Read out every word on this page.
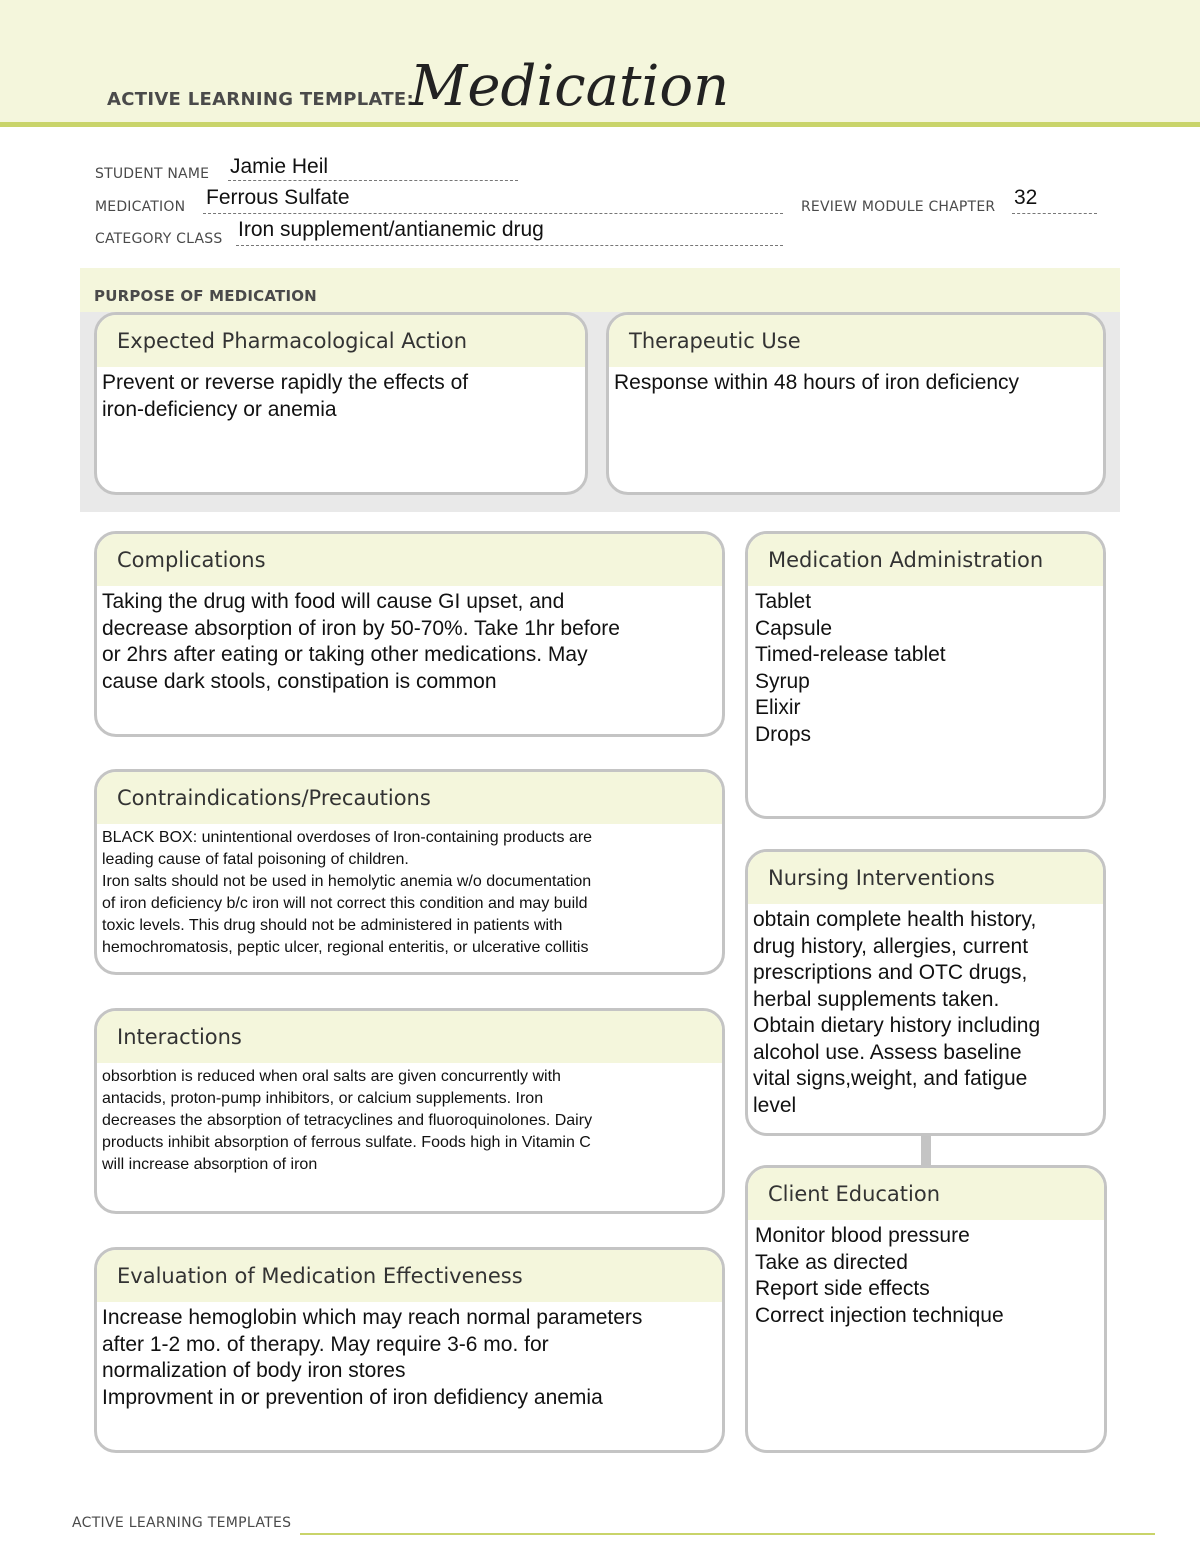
ACTIVE LEARNING TEMPLATE:
Medication
STUDENT NAME Jamie Heil
MEDICATION Ferrous Sulfate	REVIEW MODULE CHAPTER 32
CATEGORY CLASS Iron supplement/antianemic drug
PURPOSE OF MEDICATION
Expected Pharmacological Action
Prevent or reverse rapidly the effects of
iron-deficiency or anemia
Therapeutic Use
Response within 48 hours of iron deficiency
Complications
Taking the drug with food will cause GI upset, and
decrease absorption of iron by 50-70%. Take 1hr before
or 2hrs after eating or taking other medications. May
cause dark stools, constipation is common
Contraindications/Precautions
BLACK BOX: unintentional overdoses of Iron-containing products are
leading cause of fatal poisoning of children.
Iron salts should not be used in hemolytic anemia w/o documentation
of iron deficiency b/c iron will not correct this condition and may build
toxic levels. This drug should not be administered in patients with
hemochromatosis, peptic ulcer, regional enteritis, or ulcerative collitis
Interactions
obsorbtion is reduced when oral salts are given concurrently with
antacids, proton-pump inhibitors, or calcium supplements. Iron
decreases the absorption of tetracyclines and fluoroquinolones. Dairy
products inhibit absorption of ferrous sulfate. Foods high in Vitamin C
will increase absorption of iron
Evaluation of Medication Effectiveness
Increase hemoglobin which may reach normal parameters
after 1-2 mo. of therapy. May require 3-6 mo. for
normalization of body iron stores
Improvment in or prevention of iron defidiency anemia
Medication Administration
Tablet
Capsule
Timed-release tablet
Syrup
Elixir
Drops
Nursing Interventions
obtain complete health history,
drug history, allergies, current
prescriptions and OTC drugs,
herbal supplements taken.
Obtain dietary history including
alcohol use. Assess baseline
vital signs,weight, and fatigue
level
Client Education
Monitor blood pressure
Take as directed
Report side effects
Correct injection technique
ACTIVE LEARNING TEMPLATES
